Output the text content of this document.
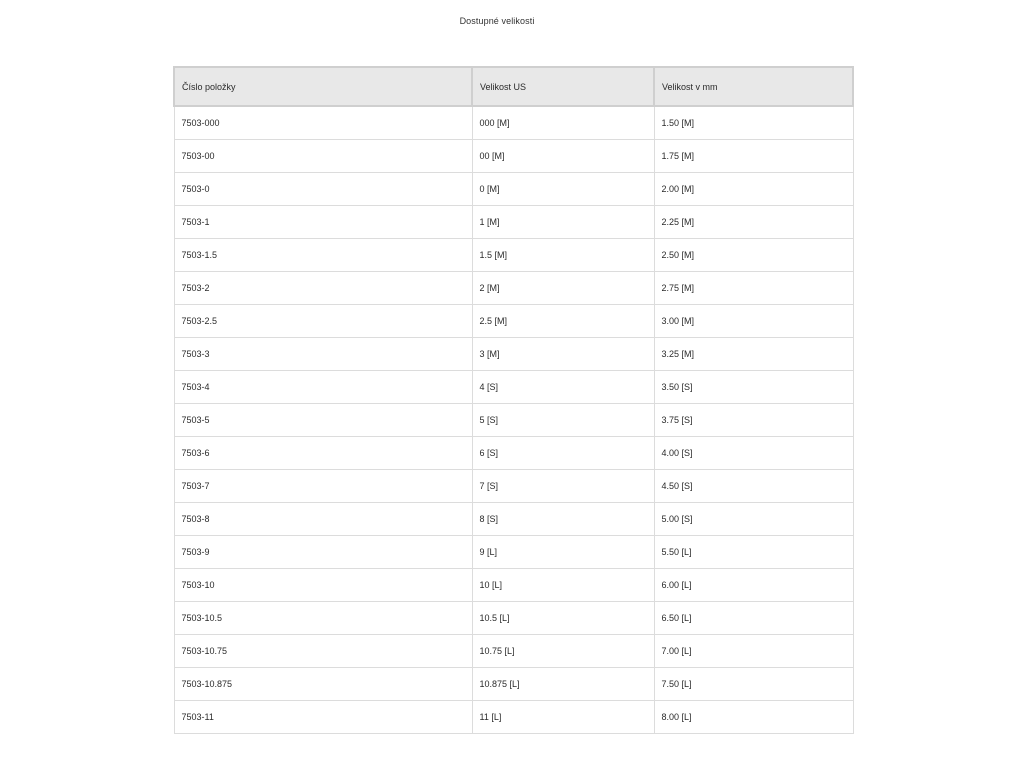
Dostupné velikosti
Číslo položky	Velikost US	Velikost v mm
7503-000	000 [M]	1.50 [M]
7503-00	00 [M]	1.75 [M]
7503-0	0 [M]	2.00 [M]
7503-1	1 [M]	2.25 [M]
7503-1.5	1.5 [M]	2.50 [M]
7503-2	2 [M]	2.75 [M]
7503-2.5	2.5 [M]	3.00 [M]
7503-3	3 [M]	3.25 [M]
7503-4	4 [S]	3.50 [S]
7503-5	5 [S]	3.75 [S]
7503-6	6 [S]	4.00 [S]
7503-7	7 [S]	4.50 [S]
7503-8	8 [S]	5.00 [S]
7503-9	9 [L]	5.50 [L]
7503-10	10 [L]	6.00 [L]
7503-10.5	10.5 [L]	6.50 [L]
7503-10.75	10.75 [L]	7.00 [L]
7503-10.875	10.875 [L]	7.50 [L]
7503-11	11 [L]	8.00 [L]
